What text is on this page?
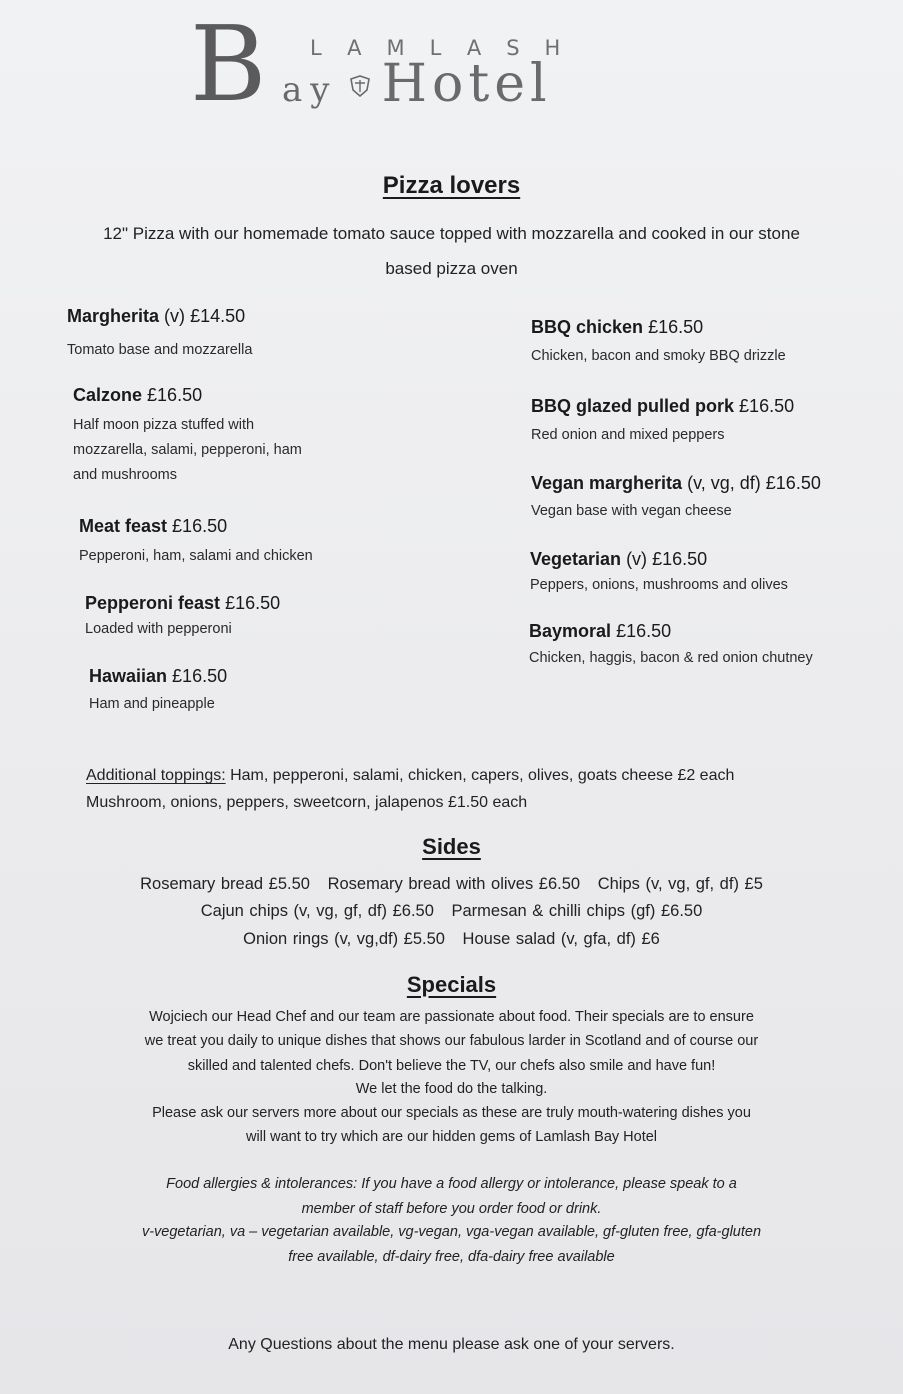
B LAMLASH
ay Hotel
Pizza lovers
12" Pizza with our homemade tomato sauce topped with mozzarella and cooked in our stone
based pizza oven
Margherita (v) £14.50
Tomato base and mozzarella
Calzone £16.50
Half moon pizza stuffed with
mozzarella, salami, pepperoni, ham
and mushrooms
Meat feast £16.50
Pepperoni, ham, salami and chicken
Pepperoni feast £16.50
Loaded with pepperoni
Hawaiian £16.50
Ham and pineapple
BBQ chicken £16.50
Chicken, bacon and smoky BBQ drizzle
BBQ glazed pulled pork £16.50
Red onion and mixed peppers
Vegan margherita (v, vg, df) £16.50
Vegan base with vegan cheese
Vegetarian (v) £16.50
Peppers, onions, mushrooms and olives
Baymoral £16.50
Chicken, haggis, bacon & red onion chutney
Additional toppings: Ham, pepperoni, salami, chicken, capers, olives, goats cheese £2 each
Mushroom, onions, peppers, sweetcorn, jalapenos £1.50 each
Sides
Rosemary bread £5.50 Rosemary bread with olives £6.50 Chips (v, vg, gf, df) £5
Cajun chips (v, vg, gf, df) £6.50 Parmesan & chilli chips (gf) £6.50
Onion rings (v, vg,df) £5.50 House salad (v, gfa, df) £6
Specials
Wojciech our Head Chef and our team are passionate about food. Their specials are to ensure
we treat you daily to unique dishes that shows our fabulous larder in Scotland and of course our
skilled and talented chefs. Don't believe the TV, our chefs also smile and have fun!
We let the food do the talking.
Please ask our servers more about our specials as these are truly mouth-watering dishes you
will want to try which are our hidden gems of Lamlash Bay Hotel
Food allergies & intolerances: If you have a food allergy or intolerance, please speak to a
member of staff before you order food or drink.
v-vegetarian, va – vegetarian available, vg-vegan, vga-vegan available, gf-gluten free, gfa-gluten
free available, df-dairy free, dfa-dairy free available
Any Questions about the menu please ask one of your servers.
